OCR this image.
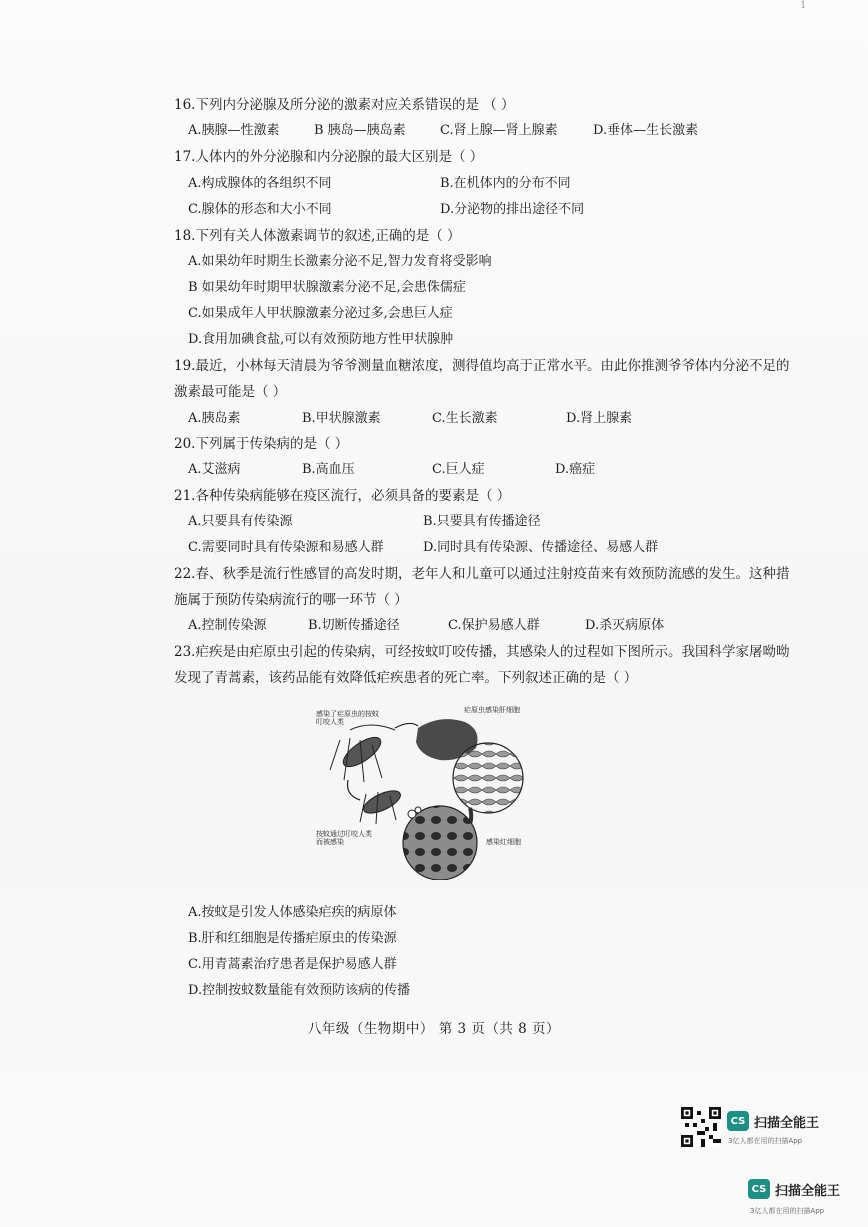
1
16.下列内分泌腺及所分泌的激素对应关系错误的是 （ ）
A.胰腺—性激素	B 胰岛—胰岛素	C.肾上腺—肾上腺素	D.垂体—生长激素
17.人体内的外分泌腺和内分泌腺的最大区别是（ ）
A.构成腺体的各组织不同	B.在机体内的分布不同
C.腺体的形态和大小不同	D.分泌物的排出途径不同
18.下列有关人体激素调节的叙述,正确的是（ ）
A.如果幼年时期生长激素分泌不足,智力发育将受影响
B 如果幼年时期甲状腺激素分泌不足,会患侏儒症
C.如果成年人甲状腺激素分泌过多,会患巨人症
D.食用加碘食盐,可以有效预防地方性甲状腺肿
19.最近，小林每天清晨为爷爷测量血糖浓度，测得值均高于正常水平。由此你推测爷爷体内分泌不足的
激素最可能是（ ）
A.胰岛素	B.甲状腺激素	C.生长激素	D.肾上腺素
20.下列属于传染病的是（ ）
A.艾滋病	B.高血压	C.巨人症	D.癌症
21.各种传染病能够在疫区流行，必须具备的要素是（ ）
A.只要具有传染源	B.只要具有传播途径
C.需要同时具有传染源和易感人群	D.同时具有传染源、传播途径、易感人群
22.春、秋季是流行性感冒的高发时期，老年人和儿童可以通过注射疫苗来有效预防流感的发生。这种措
施属于预防传染病流行的哪一环节（ ）
A.控制传染源	B.切断传播途径	C.保护易感人群	D.杀灭病原体
23.疟疾是由疟原虫引起的传染病，可经按蚊叮咬传播，其感染人的过程如下图所示。我国科学家屠呦呦
发现了青蒿素，该药品能有效降低疟疾患者的死亡率。下列叙述正确的是（ ）
感染了疟原虫的按蚊
叮咬人类
疟原虫感染肝细胞
按蚊通过叮咬人类
而被感染	感染红细胞
A.按蚊是引发人体感染疟疾的病原体
B.肝和红细胞是传播疟原虫的传染源
C.用青蒿素治疗患者是保护易感人群
D.控制按蚊数量能有效预防该病的传播
八年级（生物期中） 第 3 页（共 8 页）
CS 扫描全能王
3亿人都在用的扫描App
CS 扫描全能王
3亿人都在用的扫描App
